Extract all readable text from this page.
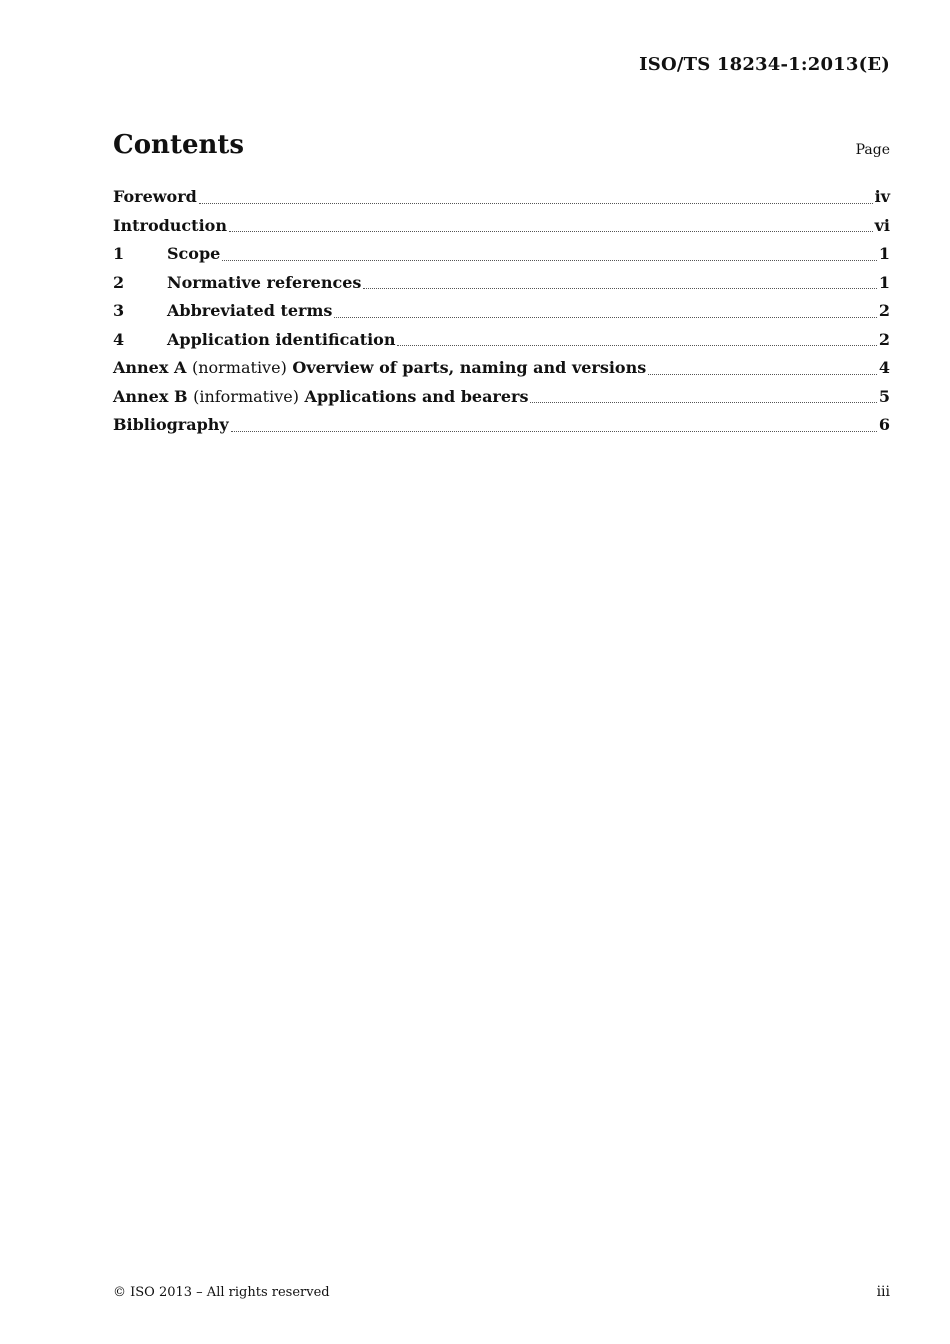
ISO/TS 18234-1:2013(E)
Contents	Page
Foreword	iv
Introduction	vi
1	Scope	1
2	Normative references	1
3	Abbreviated terms	2
4	Application identification	2
Annex A (normative) Overview of parts, naming and versions	4
Annex B (informative) Applications and bearers	5
Bibliography	6
© ISO 2013 – All rights reserved	iii
